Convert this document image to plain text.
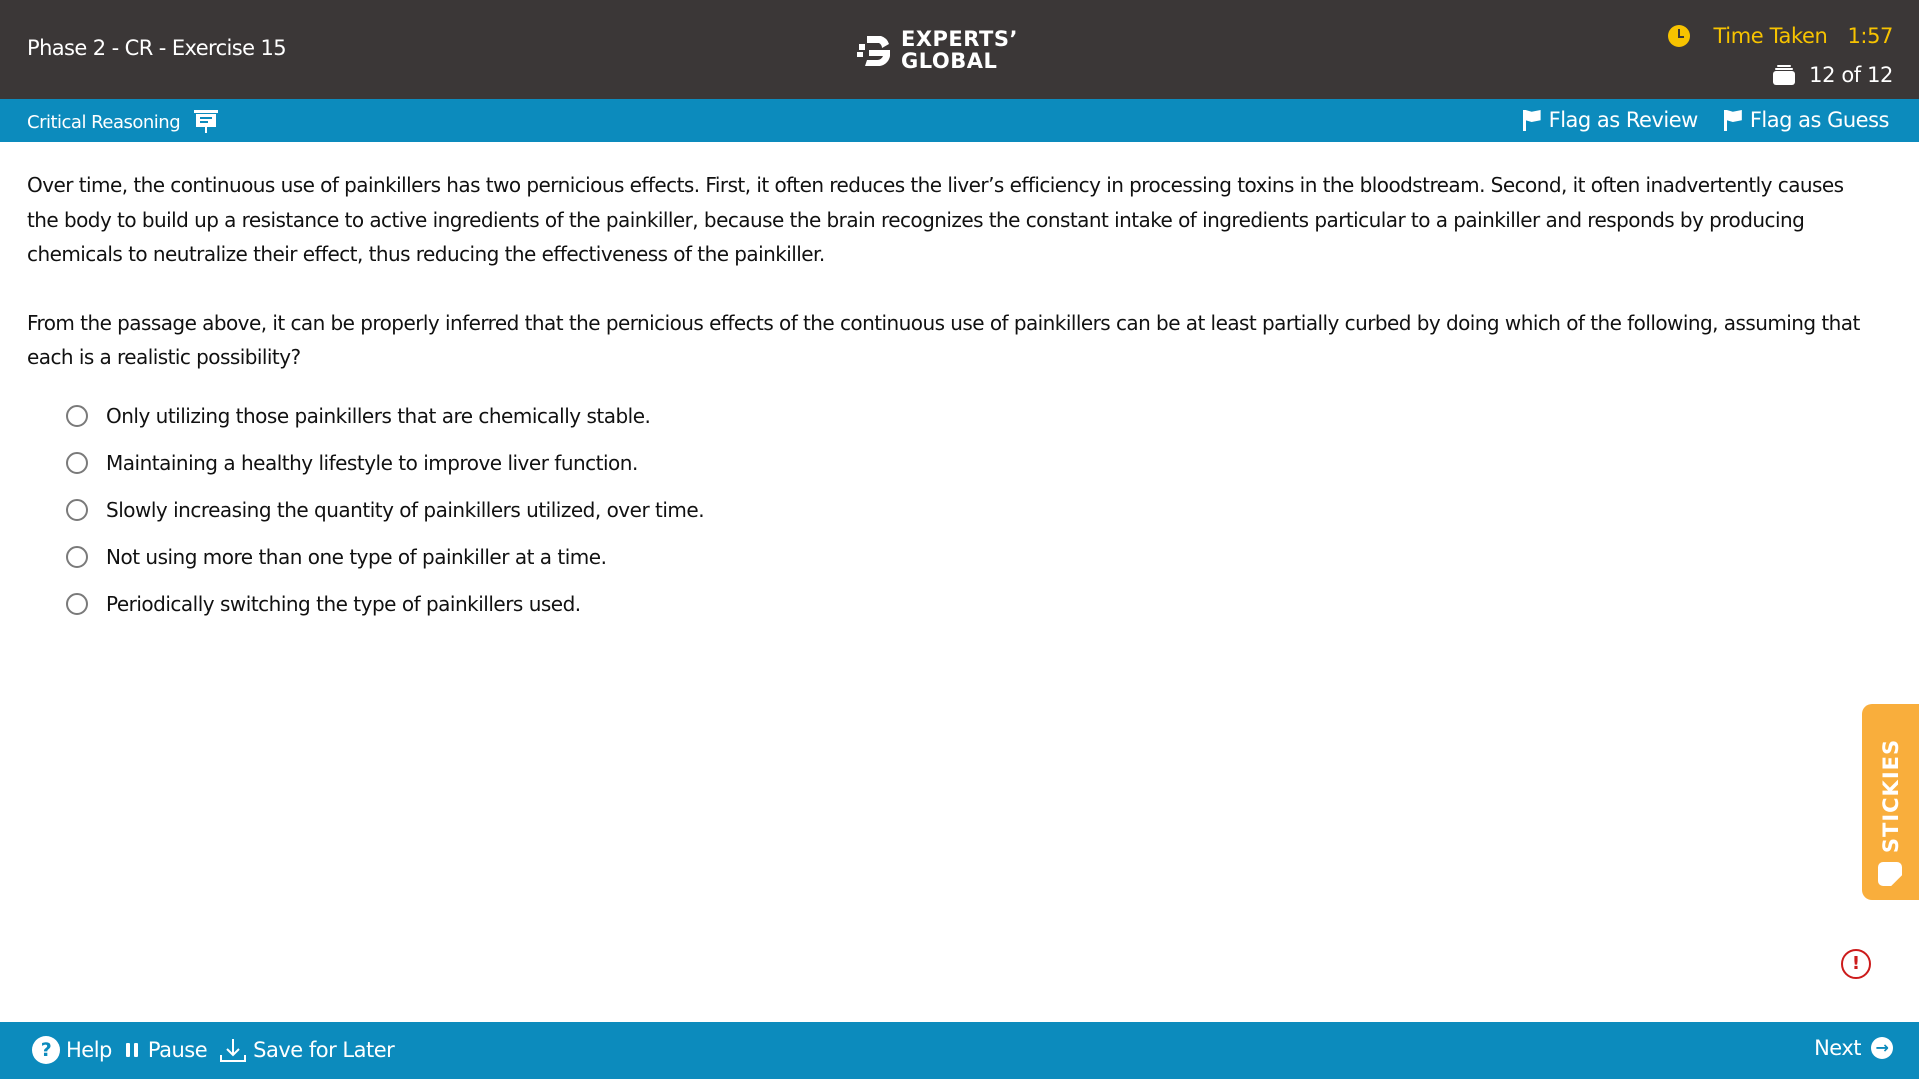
Phase 2 - CR - Exercise 15	EXPERTS’
GLOBAL
Time Taken 1:57
12 of 12
Critical Reasoning	Flag as Review Flag as Guess

Over time, the continuous use of painkillers has two pernicious effects. First, it often reduces the liver’s efficiency in processing toxins in the bloodstream. Second, it often inadvertently causes the body to build up a resistance to active ingredients of the painkiller, because the brain recognizes the constant intake of ingredients particular to a painkiller and responds by producing chemicals to neutralize their effect, thus reducing the effectiveness of the painkiller.

From the passage above, it can be properly inferred that the pernicious effects of the continuous use of painkillers can be at least partially curbed by doing which of the following, assuming that each is a realistic possibility?

Only utilizing those painkillers that are chemically stable.
Maintaining a healthy lifestyle to improve liver function.
Slowly increasing the quantity of painkillers utilized, over time.
Not using more than one type of painkiller at a time.
Periodically switching the type of painkillers used.
STICKIES
!
? Help Pause Save for Later	Next →
